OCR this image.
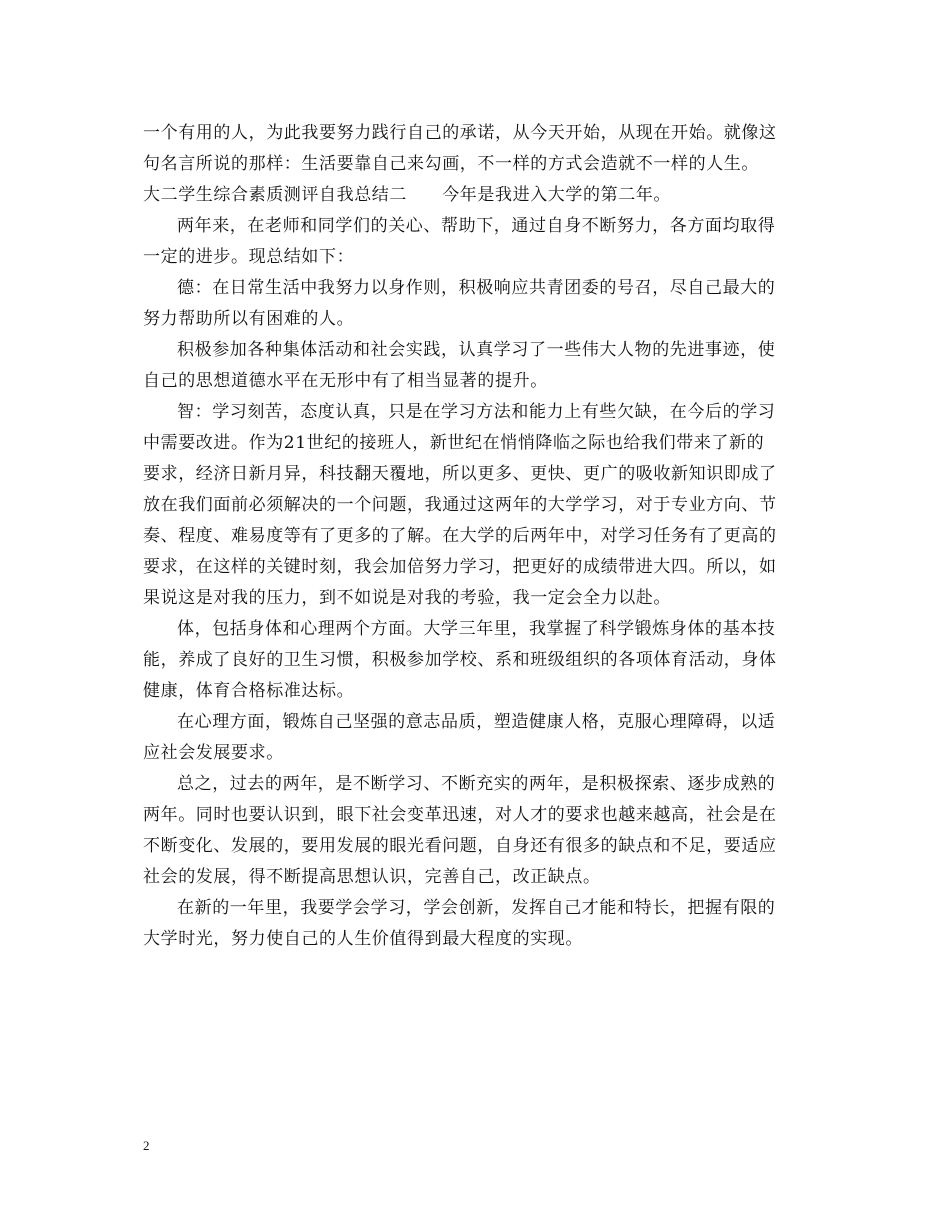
一个有用的人，为此我要努力践行自己的承诺，从今天开始，从现在开始。就像这
句名言所说的那样：生活要靠自己来勾画，不一样的方式会造就不一样的人生。
大二学生综合素质测评自我总结二　　今年是我进入大学的第二年。
两年来，在老师和同学们的关心、帮助下，通过自身不断努力，各方面均取得
一定的进步。现总结如下：
德：在日常生活中我努力以身作则，积极响应共青团委的号召，尽自己最大的
努力帮助所以有困难的人。
积极参加各种集体活动和社会实践，认真学习了一些伟大人物的先进事迹，使
自己的思想道德水平在无形中有了相当显著的提升。
智：学习刻苦，态度认真，只是在学习方法和能力上有些欠缺，在今后的学习
中需要改进。作为21世纪的接班人，新世纪在悄悄降临之际也给我们带来了新的
要求，经济日新月异，科技翻天覆地，所以更多、更快、更广的吸收新知识即成了
放在我们面前必须解决的一个问题，我通过这两年的大学学习，对于专业方向、节
奏、程度、难易度等有了更多的了解。在大学的后两年中，对学习任务有了更高的
要求，在这样的关键时刻，我会加倍努力学习，把更好的成绩带进大四。所以，如
果说这是对我的压力，到不如说是对我的考验，我一定会全力以赴。
体，包括身体和心理两个方面。大学三年里，我掌握了科学锻炼身体的基本技
能，养成了良好的卫生习惯，积极参加学校、系和班级组织的各项体育活动，身体
健康，体育合格标准达标。
在心理方面，锻炼自己坚强的意志品质，塑造健康人格，克服心理障碍，以适
应社会发展要求。
总之，过去的两年，是不断学习、不断充实的两年，是积极探索、逐步成熟的
两年。同时也要认识到，眼下社会变革迅速，对人才的要求也越来越高，社会是在
不断变化、发展的，要用发展的眼光看问题，自身还有很多的缺点和不足，要适应
社会的发展，得不断提高思想认识，完善自己，改正缺点。
在新的一年里，我要学会学习，学会创新，发挥自己才能和特长，把握有限的
大学时光，努力使自己的人生价值得到最大程度的实现。
2
